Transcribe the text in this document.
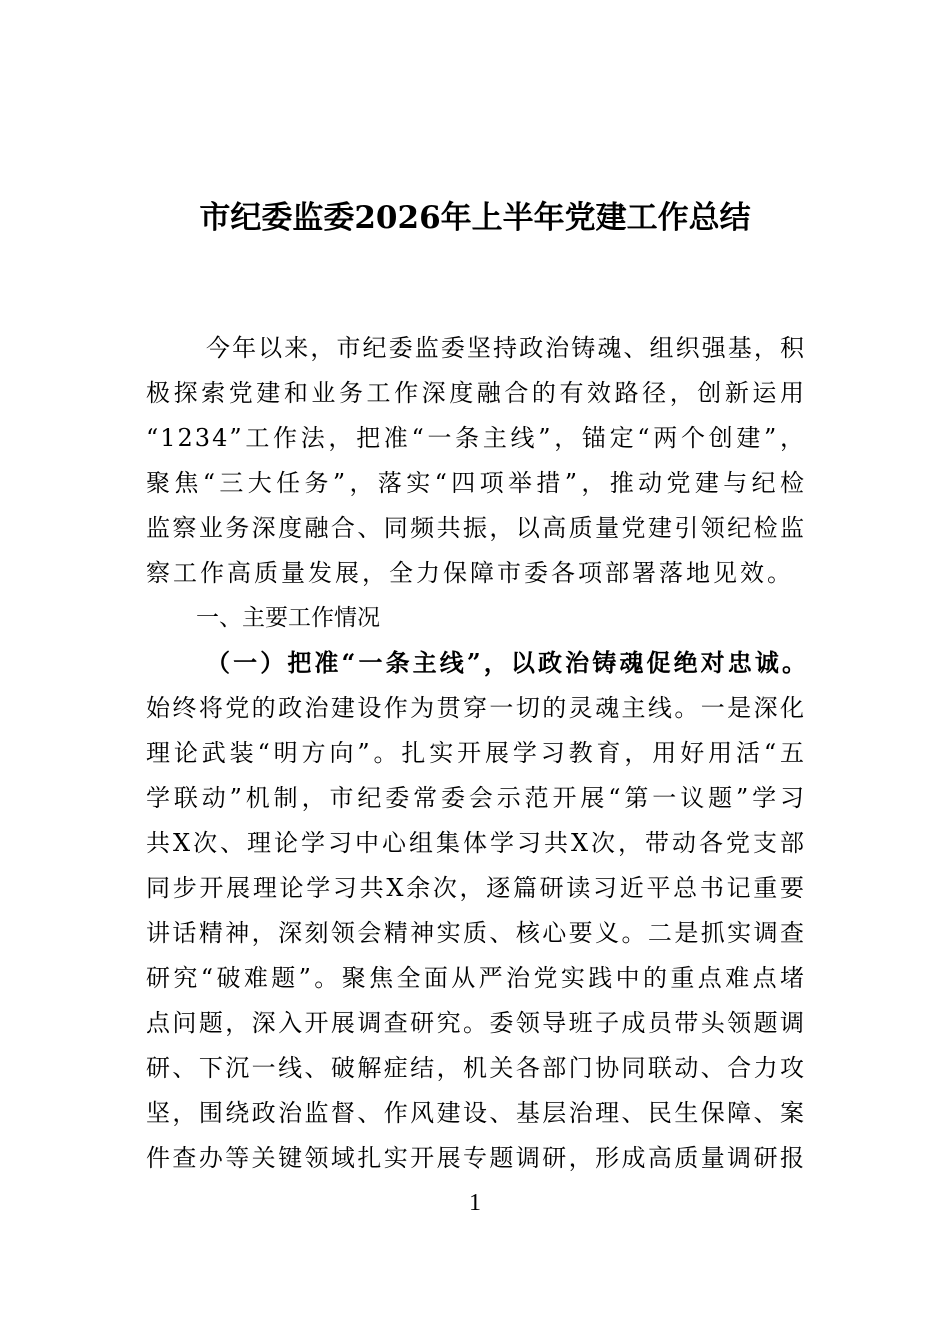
市纪委监委2026年上半年党建工作总结
今年以来，市纪委监委坚持政治铸魂、组织强基，积
极探索党建和业务工作深度融合的有效路径，创新运用
“1234”工作法，把准“一条主线”，锚定“两个创建”，
聚焦“三大任务”，落实“四项举措”，推动党建与纪检
监察业务深度融合、同频共振，以高质量党建引领纪检监
察工作高质量发展，全力保障市委各项部署落地见效。
一、主要工作情况
（一）把准“一条主线”，以政治铸魂促绝对忠诚。
始终将党的政治建设作为贯穿一切的灵魂主线。一是深化
理论武装“明方向”。扎实开展学习教育，用好用活“五
学联动”机制，市纪委常委会示范开展“第一议题”学习
共X次、理论学习中心组集体学习共X次，带动各党支部
同步开展理论学习共X余次，逐篇研读习近平总书记重要
讲话精神，深刻领会精神实质、核心要义。二是抓实调查
研究“破难题”。聚焦全面从严治党实践中的重点难点堵
点问题，深入开展调查研究。委领导班子成员带头领题调
研、下沉一线、破解症结，机关各部门协同联动、合力攻
坚，围绕政治监督、作风建设、基层治理、民生保障、案
件查办等关键领域扎实开展专题调研，形成高质量调研报
1
